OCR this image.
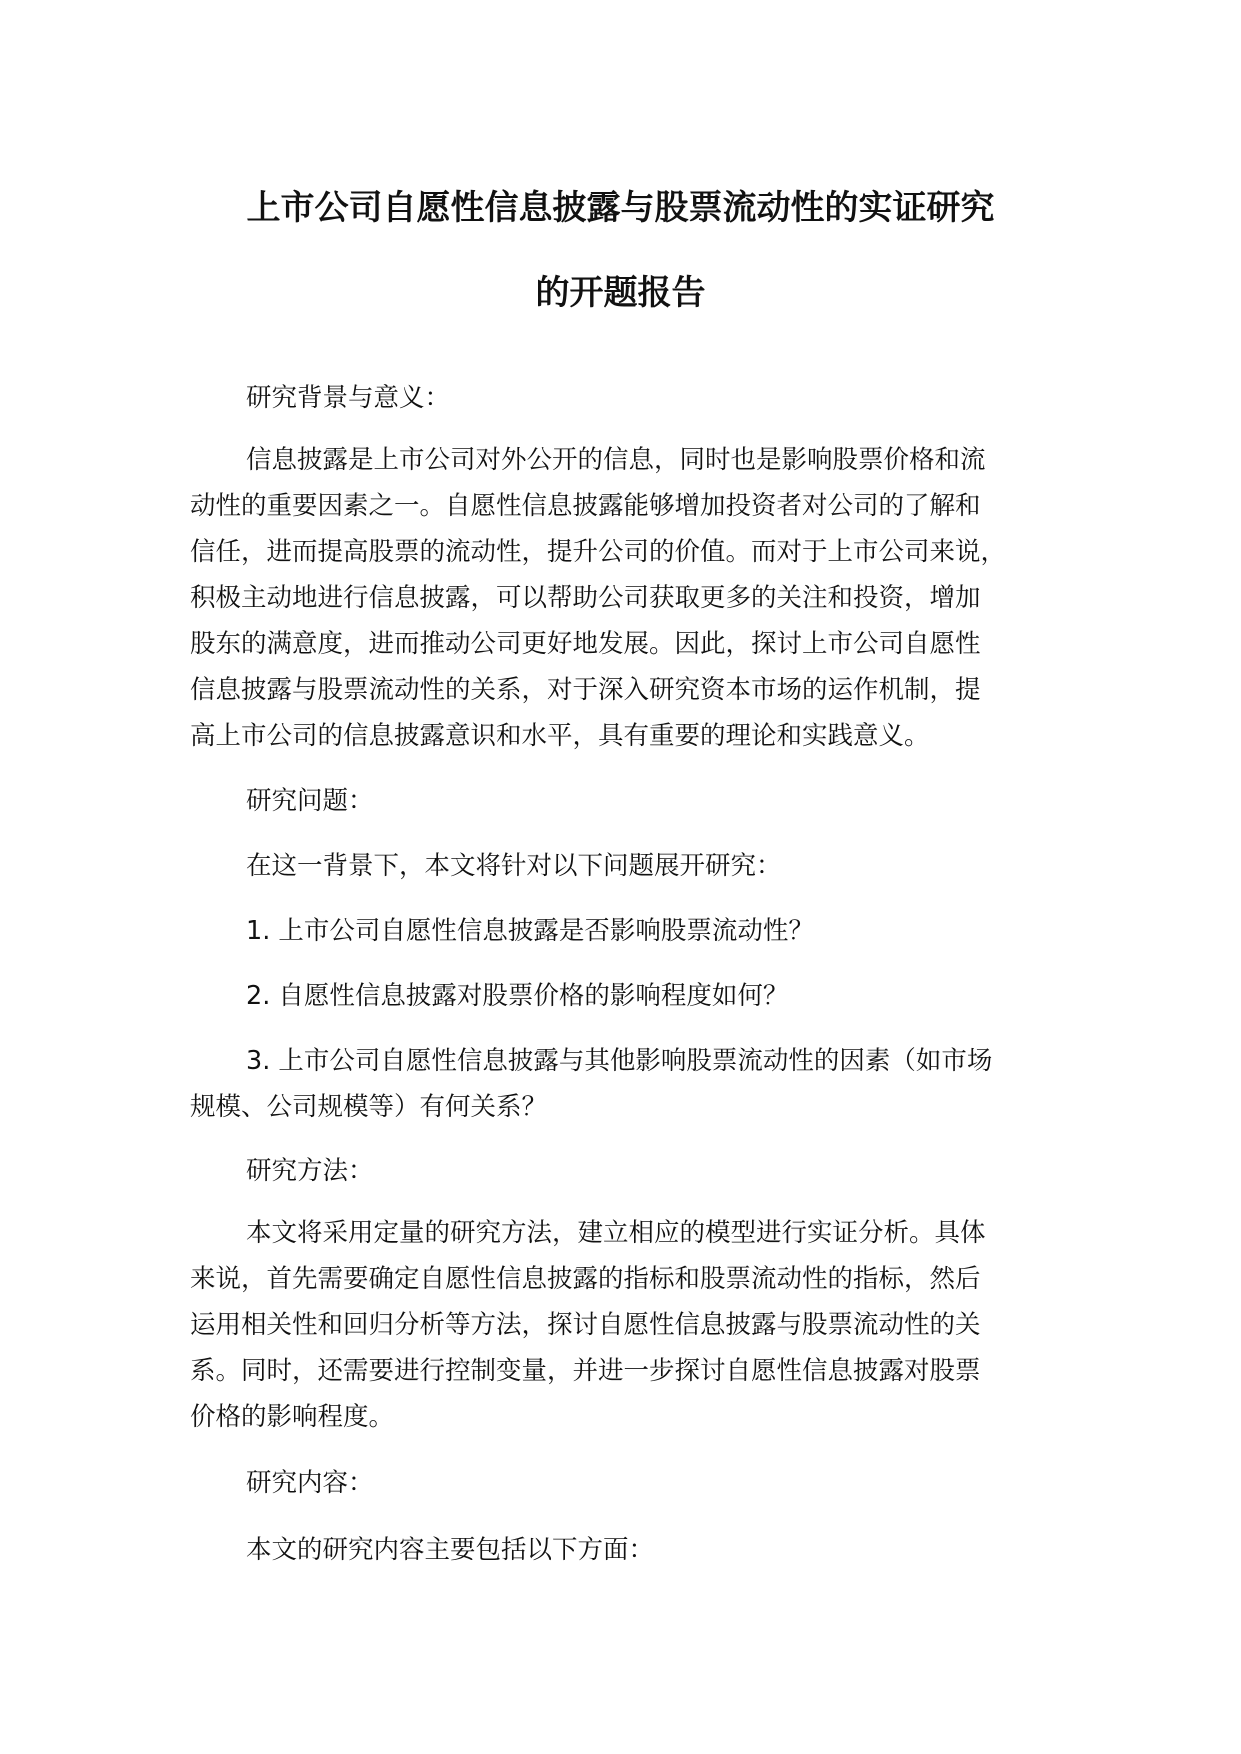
上市公司自愿性信息披露与股票流动性的实证研究
的开题报告
研究背景与意义：
信息披露是上市公司对外公开的信息，同时也是影响股票价格和流
动性的重要因素之一。自愿性信息披露能够增加投资者对公司的了解和
信任，进而提高股票的流动性，提升公司的价值。而对于上市公司来说，
积极主动地进行信息披露，可以帮助公司获取更多的关注和投资，增加
股东的满意度，进而推动公司更好地发展。因此，探讨上市公司自愿性
信息披露与股票流动性的关系，对于深入研究资本市场的运作机制，提
高上市公司的信息披露意识和水平，具有重要的理论和实践意义。
研究问题：
在这一背景下，本文将针对以下问题展开研究：
1. 上市公司自愿性信息披露是否影响股票流动性？
2. 自愿性信息披露对股票价格的影响程度如何？
3. 上市公司自愿性信息披露与其他影响股票流动性的因素（如市场
规模、公司规模等）有何关系？
研究方法：
本文将采用定量的研究方法，建立相应的模型进行实证分析。具体
来说，首先需要确定自愿性信息披露的指标和股票流动性的指标，然后
运用相关性和回归分析等方法，探讨自愿性信息披露与股票流动性的关
系。同时，还需要进行控制变量，并进一步探讨自愿性信息披露对股票
价格的影响程度。
研究内容：
本文的研究内容主要包括以下方面：
